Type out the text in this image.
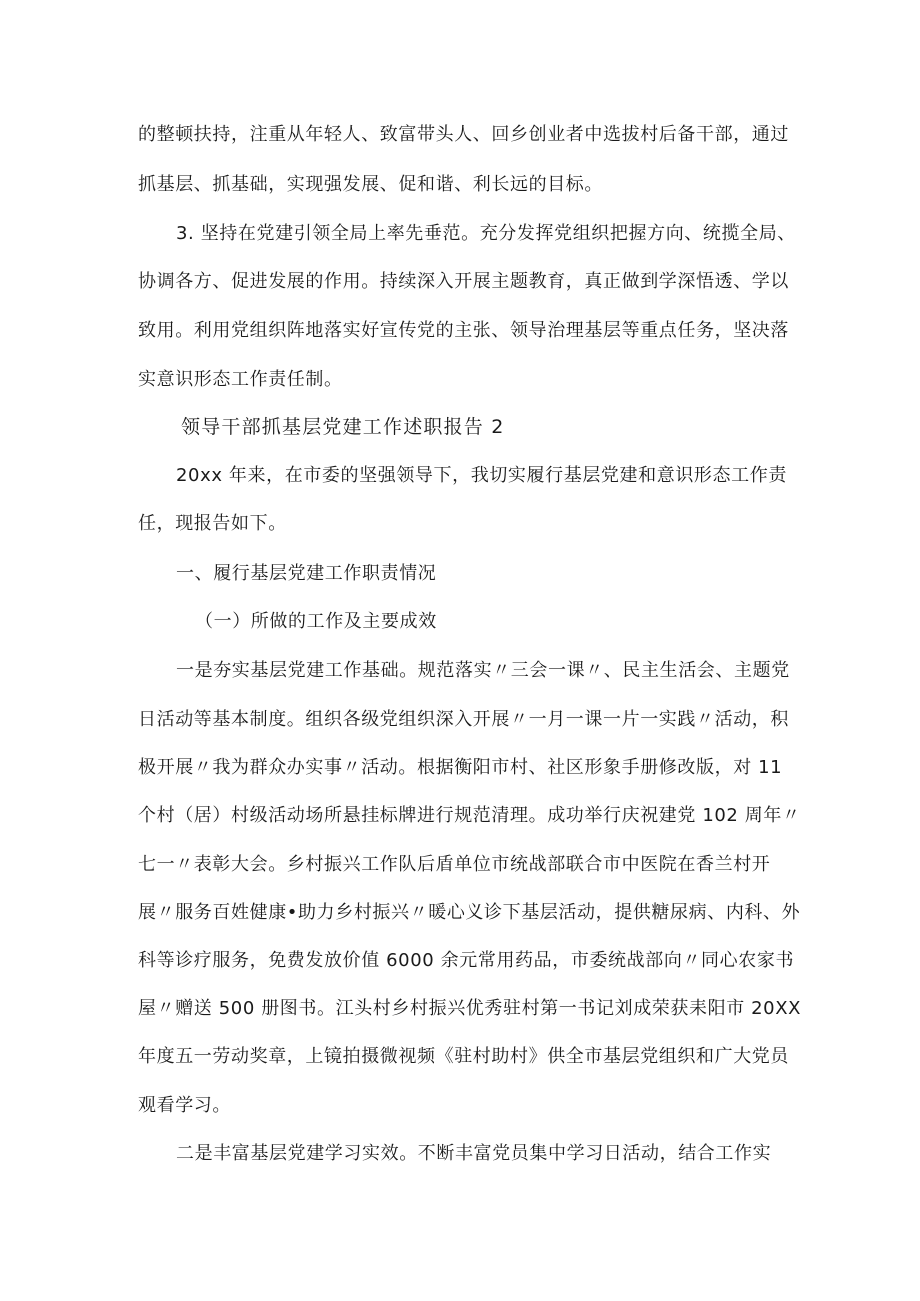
的整顿扶持，注重从年轻人、致富带头人、回乡创业者中选拔村后备干部，通过
抓基层、抓基础，实现强发展、促和谐、利长远的目标。
3. 坚持在党建引领全局上率先垂范。充分发挥党组织把握方向、统揽全局、
协调各方、促进发展的作用。持续深入开展主题教育，真正做到学深悟透、学以
致用。利用党组织阵地落实好宣传党的主张、领导治理基层等重点任务，坚决落
实意识形态工作责任制。
领导干部抓基层党建工作述职报告 2
20xx 年来，在市委的坚强领导下，我切实履行基层党建和意识形态工作责
任，现报告如下。
一、履行基层党建工作职责情况
（一）所做的工作及主要成效
一是夯实基层党建工作基础。规范落实〃三会一课〃、民主生活会、主题党
日活动等基本制度。组织各级党组织深入开展〃一月一课一片一实践〃活动，积
极开展〃我为群众办实事〃活动。根据衡阳市村、社区形象手册修改版，对 11
个村（居）村级活动场所悬挂标牌进行规范清理。成功举行庆祝建党 102 周年〃
七一〃表彰大会。乡村振兴工作队后盾单位市统战部联合市中医院在香兰村开
展〃服务百姓健康•助力乡村振兴〃暖心义诊下基层活动，提供糖尿病、内科、外
科等诊疗服务，免费发放价值 6000 余元常用药品，市委统战部向〃同心农家书
屋〃赠送 500 册图书。江头村乡村振兴优秀驻村第一书记刘成荣获耒阳市 20XX
年度五一劳动奖章，上镜拍摄微视频《驻村助村》供全市基层党组织和广大党员
观看学习。
二是丰富基层党建学习实效。不断丰富党员集中学习日活动，结合工作实
